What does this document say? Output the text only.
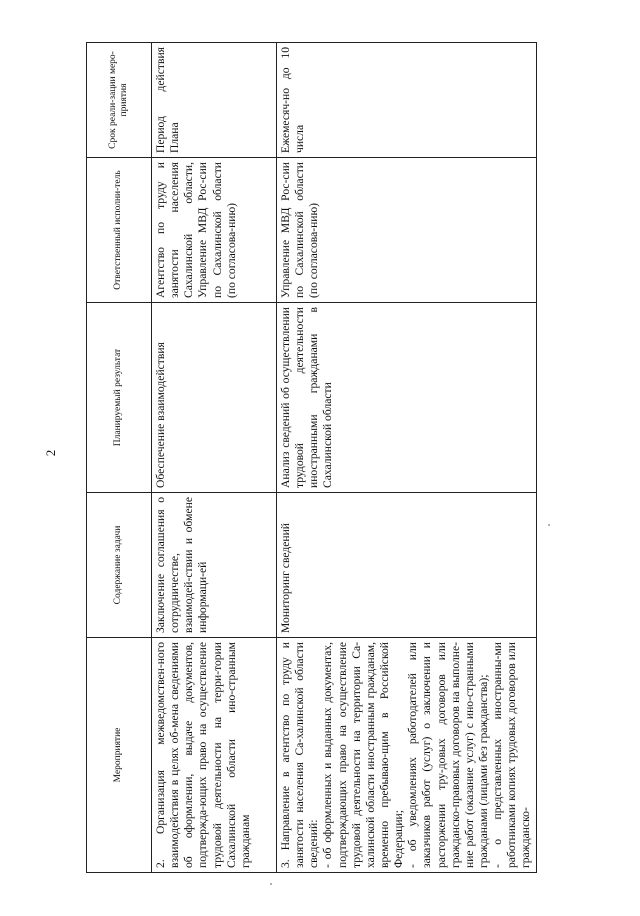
2
Мероприятие	Содержание задачи	Планируемый результат	Ответственный исполни-тель	Срок реали-зации меро-приятия
2. Организация межведомствен-ного взаимодействия в целях об-мена сведениями об оформлении, выдаче документов, подтвержда-ющих право на осуществление трудовой деятельности на терри-тории Сахалинской области ино-странным гражданам	Заключение соглашения о сотрудничестве, взаимодей-ствии и обмене информаци-ей	Обеспечение взаимодействия	Агентство по труду и занятости населения Сахалинской области, Управление МВД Рос-сии по Сахалинской области (по согласова-нию)	Период действия Плана

3. Направление в агентство по труду и занятости населения Са-халинской области сведений: - об оформленных и выданных документах, подтверждающих право на осуществление трудовой деятельности на территории Са-халинской области иностранным гражданам, временно пребываю-щим в Российской Федерации; - об уведомлениях работодателей или заказчиков работ (услуг) о заключении и расторжении тру-довых договоров или гражданско-правовых договоров на выполне-ние работ (оказание услуг) с ино-странными гражданами (лицами без гражданства); - о представленных иностранны-ми работниками копиях трудовых договоров или гражданско-	Мониторинг сведений	Анализ сведений об осуществлении трудовой деятельности иностранными гражданами в Сахалинской области	Управление МВД Рос-сии по Сахалинской области (по согласова-нию)	Ежемесяч-но до 10 числа
